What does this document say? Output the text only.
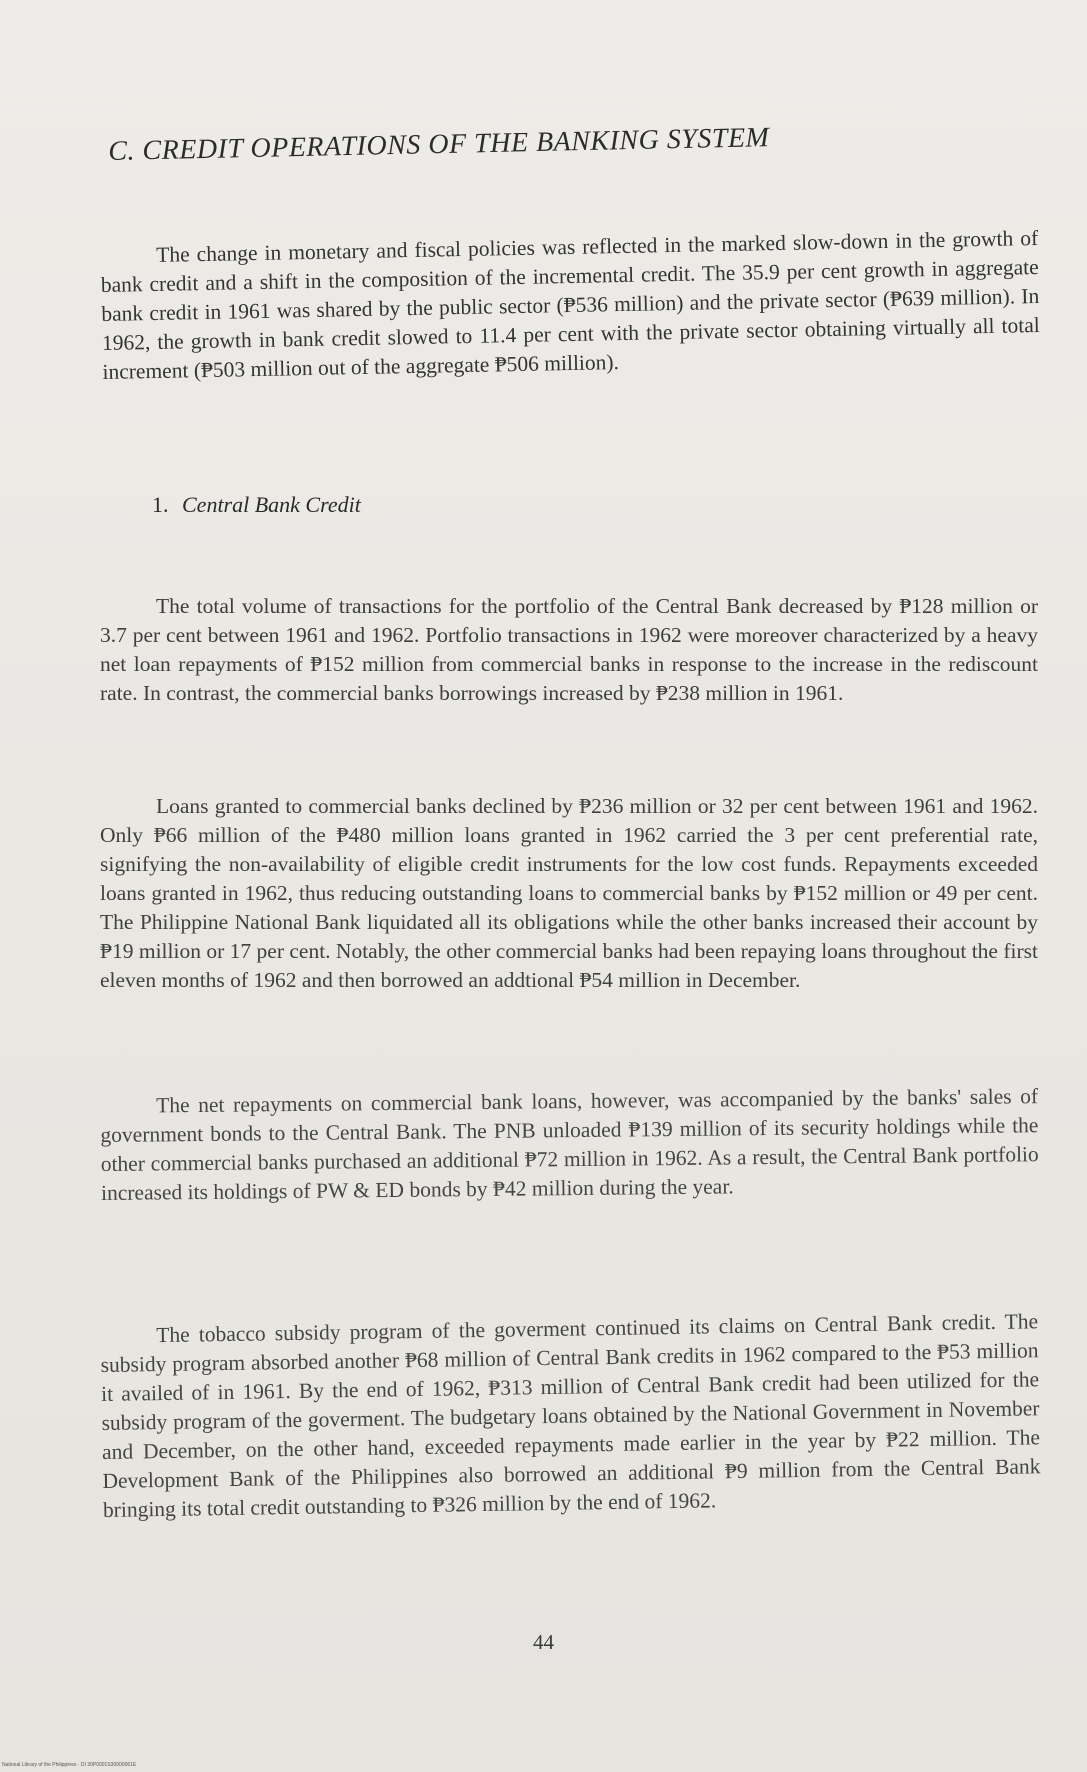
C. CREDIT OPERATIONS OF THE BANKING SYSTEM

The change in monetary and fiscal policies was reflected in the marked slow-down in the growth of bank credit and a shift in the composition of the incremental credit. The 35.9 per cent growth in aggregate bank credit in 1961 was shared by the public sector (₱536 million) and the private sector (₱639 million). In 1962, the growth in bank credit slowed to 11.4 per cent with the private sector obtaining virtually all total increment (₱503 million out of the aggregate ₱506 million).

1. Central Bank Credit

The total volume of transactions for the portfolio of the Central Bank decreased by ₱128 million or 3.7 per cent between 1961 and 1962. Portfolio transactions in 1962 were moreover characterized by a heavy net loan repayments of ₱152 million from commercial banks in response to the increase in the rediscount rate. In contrast, the commercial banks borrowings increased by ₱238 million in 1961.

Loans granted to commercial banks declined by ₱236 million or 32 per cent between 1961 and 1962. Only ₱66 million of the ₱480 million loans granted in 1962 carried the 3 per cent preferential rate, signifying the non-availability of eligible credit instruments for the low cost funds. Repayments exceeded loans granted in 1962, thus reducing outstanding loans to commercial banks by ₱152 million or 49 per cent. The Philippine National Bank liquidated all its obligations while the other banks increased their account by ₱19 million or 17 per cent. Notably, the other commercial banks had been repaying loans throughout the first eleven months of 1962 and then borrowed an addtional ₱54 million in December.

The net repayments on commercial bank loans, however, was accompanied by the banks' sales of government bonds to the Central Bank. The PNB unloaded ₱139 million of its security holdings while the other commercial banks purchased an additional ₱72 million in 1962. As a result, the Central Bank portfolio increased its holdings of PW & ED bonds by ₱42 million during the year.

The tobacco subsidy program of the goverment continued its claims on Central Bank credit. The subsidy program absorbed another ₱68 million of Central Bank credits in 1962 compared to the ₱53 million it availed of in 1961. By the end of 1962, ₱313 million of Central Bank credit had been utilized for the subsidy program of the goverment. The budgetary loans obtained by the National Government in November and December, on the other hand, exceeded repayments made earlier in the year by ₱22 million. The Development Bank of the Philippines also borrowed an additional ₱9 million from the Central Bank bringing its total credit outstanding to ₱326 million by the end of 1962.

44
National Library of the Philippines · DI 30P0001S30000061E
